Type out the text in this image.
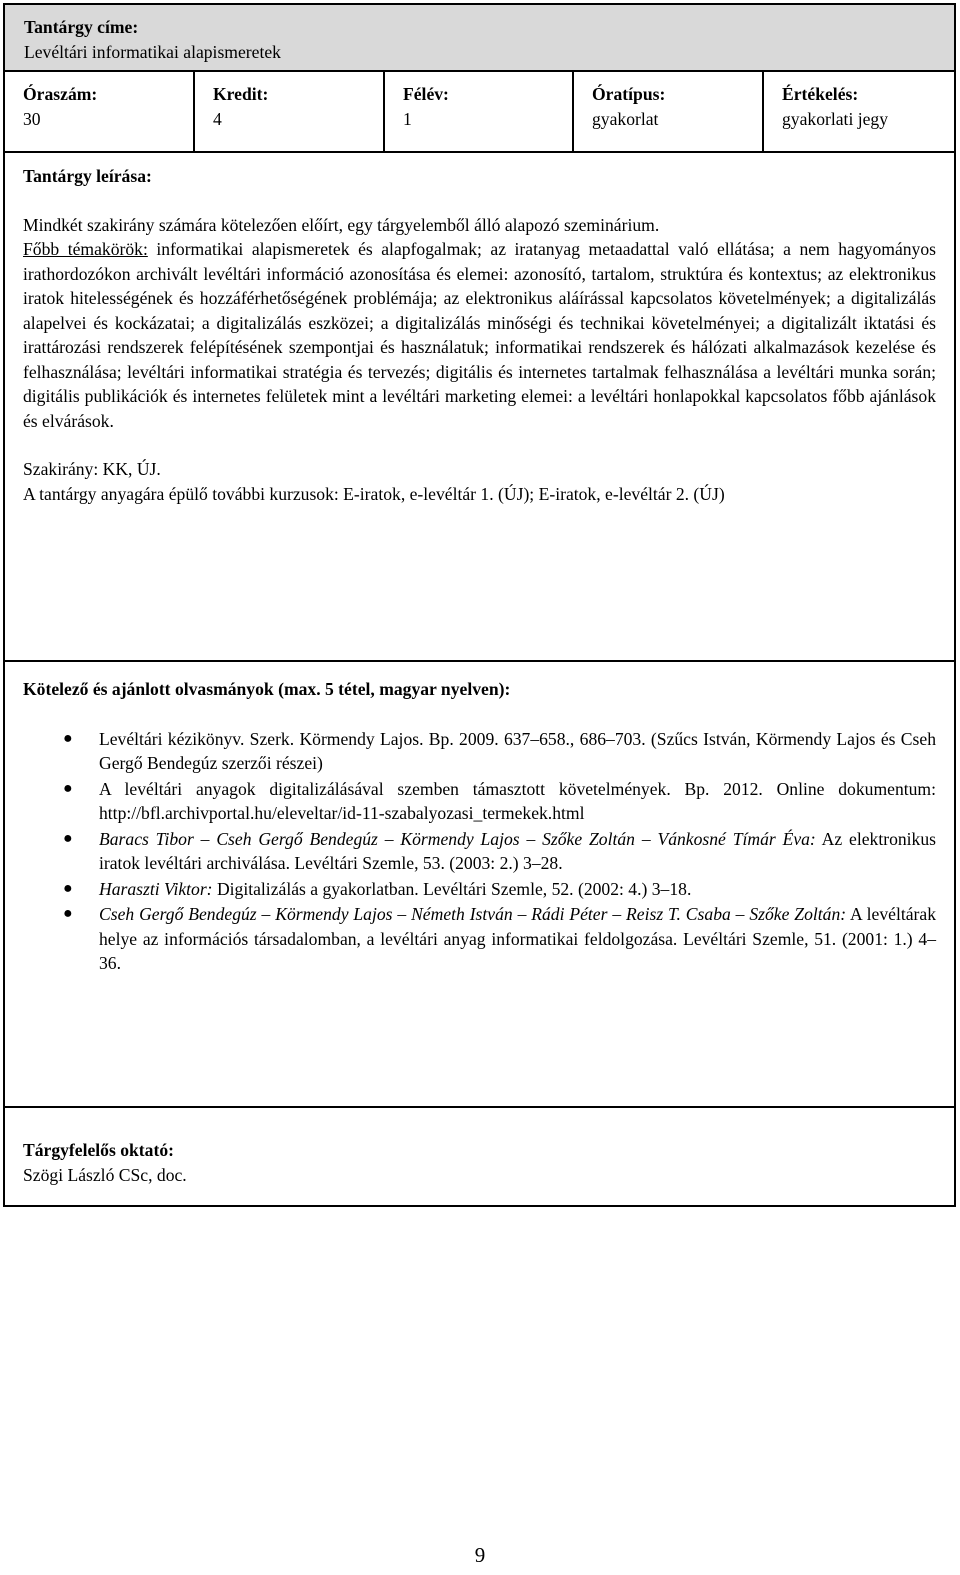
Tantárgy címe:
Levéltári informatikai alapismeretek

Óraszám:
30

Kredit:
4

Félév:
1

Óratípus:
gyakorlat

Értékelés:
gyakorlati jegy

Tantárgy leírása:
Mindkét szakirány számára kötelezően előírt, egy tárgyelemből álló alapozó szeminárium.
Főbb témakörök: informatikai alapismeretek és alapfogalmak; az iratanyag metaadattal való ellátása; a nem hagyományos irathordozókon archivált levéltári információ azonosítása és elemei: azonosító, tartalom, struktúra és kontextus; az elektronikus iratok hitelességének és hozzáférhetőségének problémája; az elektronikus aláírással kapcsolatos követelmények; a digitalizálás alapelvei és kockázatai; a digitalizálás eszközei; a digitalizálás minőségi és technikai követelményei; a digitalizált iktatási és irattározási rendszerek felépítésének szempontjai és használatuk; informatikai rendszerek és hálózati alkalmazások kezelése és felhasználása; levéltári informatikai stratégia és tervezés; digitális és internetes tartalmak felhasználása a levéltári munka során; digitális publikációk és internetes felületek mint a levéltári marketing elemei: a levéltári honlapokkal kapcsolatos főbb ajánlások és elvárások.
Szakirány: KK, ÚJ.
A tantárgy anyagára épülő további kurzusok: E-iratok, e-levéltár 1. (ÚJ); E-iratok, e-levéltár 2. (ÚJ)

Kötelező és ajánlott olvasmányok (max. 5 tétel, magyar nyelven):
● Levéltári kézikönyv. Szerk. Körmendy Lajos. Bp. 2009. 637–658., 686–703. (Szűcs István, Körmendy Lajos és Cseh Gergő Bendegúz szerzői részei)
● A levéltári anyagok digitalizálásával szemben támasztott követelmények. Bp. 2012. Online dokumentum: http://bfl.archivportal.hu/eleveltar/id-11-szabalyozasi_termekek.html
● Baracs Tibor – Cseh Gergő Bendegúz – Körmendy Lajos – Szőke Zoltán – Vánkosné Tímár Éva: Az elektronikus iratok levéltári archiválása. Levéltári Szemle, 53. (2003: 2.) 3–28.
● Haraszti Viktor: Digitalizálás a gyakorlatban. Levéltári Szemle, 52. (2002: 4.) 3–18.
● Cseh Gergő Bendegúz – Körmendy Lajos – Németh István – Rádi Péter – Reisz T. Csaba – Szőke Zoltán: A levéltárak helye az információs társadalomban, a levéltári anyag informatikai feldolgozása. Levéltári Szemle, 51. (2001: 1.) 4–36.

Tárgyfelelős oktató:
Szögi László CSc, doc.
9
